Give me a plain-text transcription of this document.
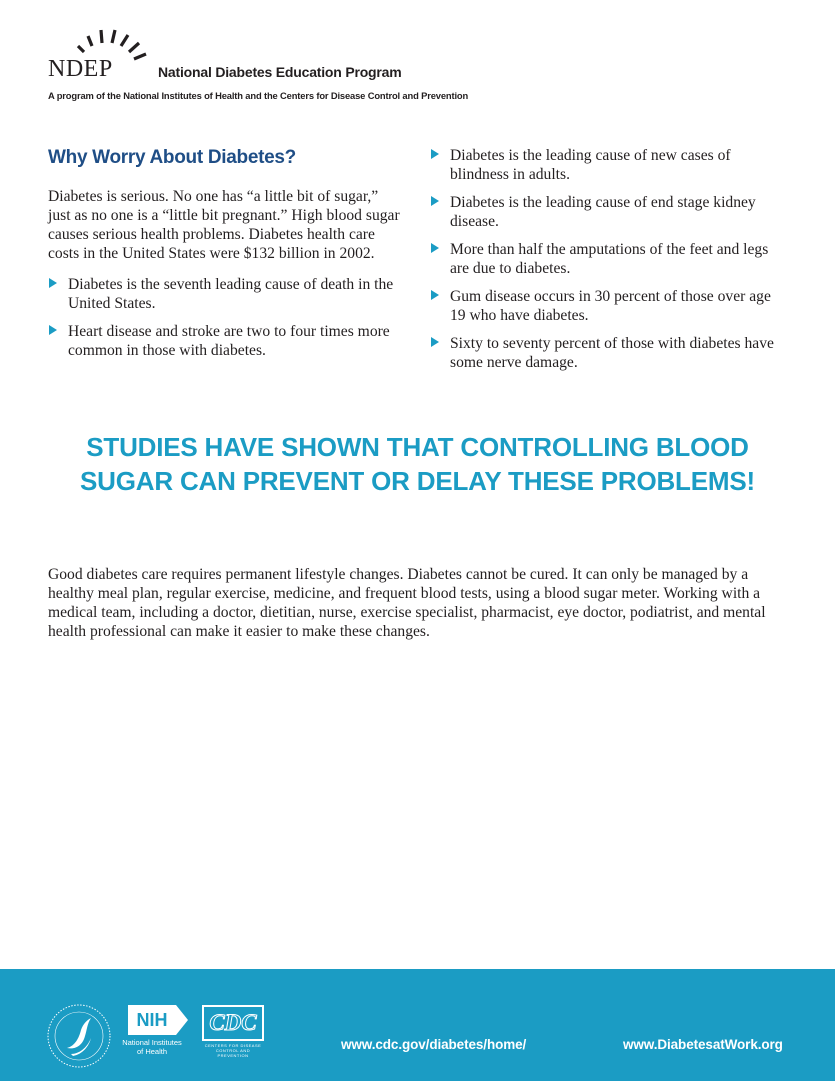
NDEP	National Diabetes Education Program
A program of the National Institutes of Health and the Centers for Disease Control and Prevention
Why Worry About Diabetes?

Diabetes is serious. No one has “a little bit of sugar,” just as no one is a “little bit pregnant.” High blood sugar causes serious health problems. Diabetes health care costs in the United States were $132 billion in 2002.

Diabetes is the seventh leading cause of death in the United States.
Heart disease and stroke are two to four times more common in those with diabetes.
Diabetes is the leading cause of new cases of blindness in adults.
Diabetes is the leading cause of end stage kidney disease.
More than half the amputations of the feet and legs are due to diabetes.
Gum disease occurs in 30 percent of those over age 19 who have diabetes.
Sixty to seventy percent of those with diabetes have some nerve damage.
STUDIES HAVE SHOWN THAT CONTROLLING BLOOD
SUGAR CAN PREVENT OR DELAY THESE PROBLEMS!

Good diabetes care requires permanent lifestyle changes. Diabetes cannot be cured. It can only be managed by a healthy meal plan, regular exercise, medicine, and frequent blood tests, using a blood sugar meter. Working with a medical team, including a doctor, dietitian, nurse, exercise specialist, pharmacist, eye doctor, podiatrist, and mental health professional can make it easier to make these changes.

NIH
National Institutes of Health
CDC
CENTERS FOR DISEASE CONTROL AND PREVENTION
www.cdc.gov/diabetes/home/	www.DiabetesatWork.org
